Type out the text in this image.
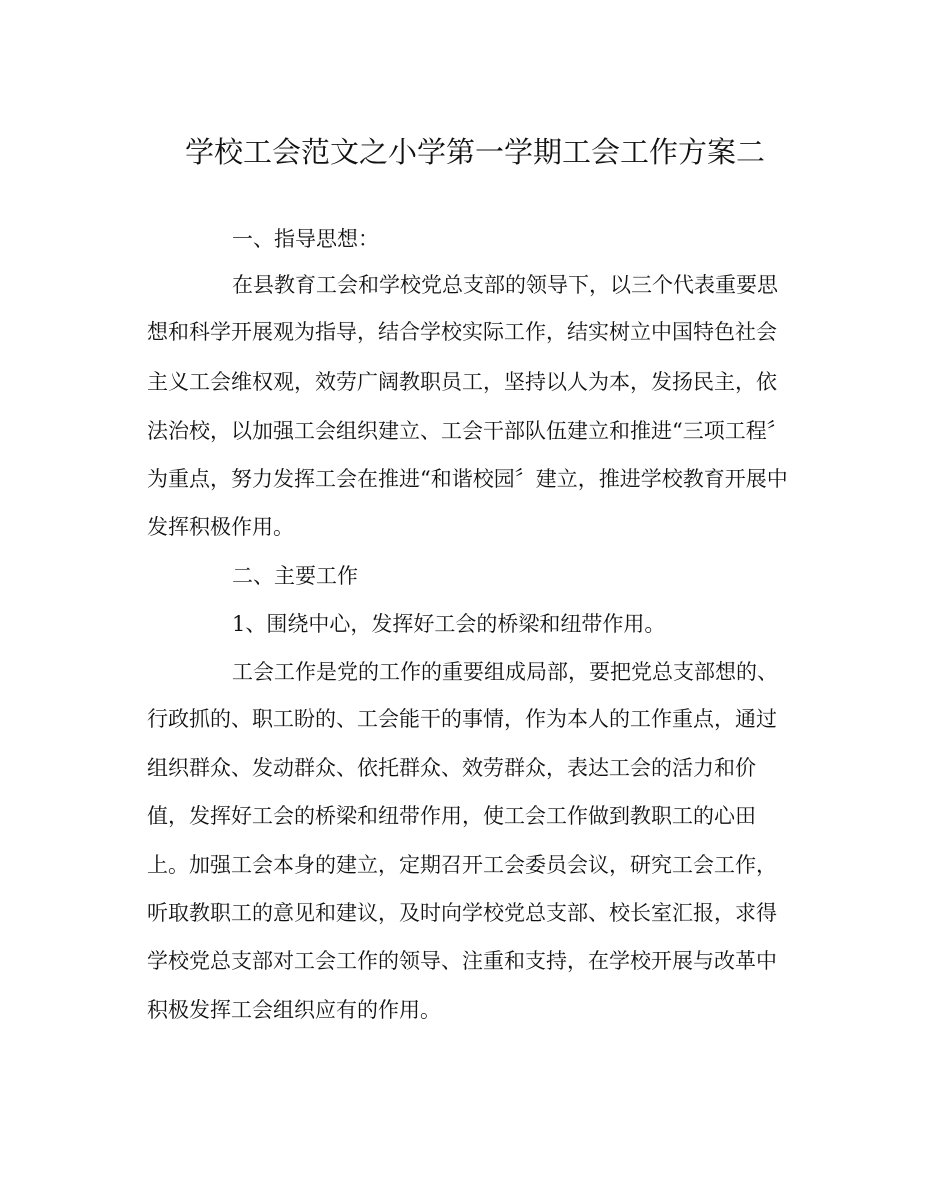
学校工会范文之小学第一学期工会工作方案二
一、指导思想：
在县教育工会和学校党总支部的领导下，以三个代表重要思
想和科学开展观为指导，结合学校实际工作，结实树立中国特色社会
主义工会维权观，效劳广阔教职员工，坚持以人为本，发扬民主，依
法治校，以加强工会组织建立、工会干部队伍建立和推进“三项工程〞
为重点，努力发挥工会在推进“和谐校园〞建立，推进学校教育开展中
发挥积极作用。
二、主要工作
1、围绕中心，发挥好工会的桥梁和纽带作用。
工会工作是党的工作的重要组成局部，要把党总支部想的、
行政抓的、职工盼的、工会能干的事情，作为本人的工作重点，通过
组织群众、发动群众、依托群众、效劳群众，表达工会的活力和价
值，发挥好工会的桥梁和纽带作用，使工会工作做到教职工的心田
上。加强工会本身的建立，定期召开工会委员会议，研究工会工作，
听取教职工的意见和建议，及时向学校党总支部、校长室汇报，求得
学校党总支部对工会工作的领导、注重和支持，在学校开展与改革中
积极发挥工会组织应有的作用。
